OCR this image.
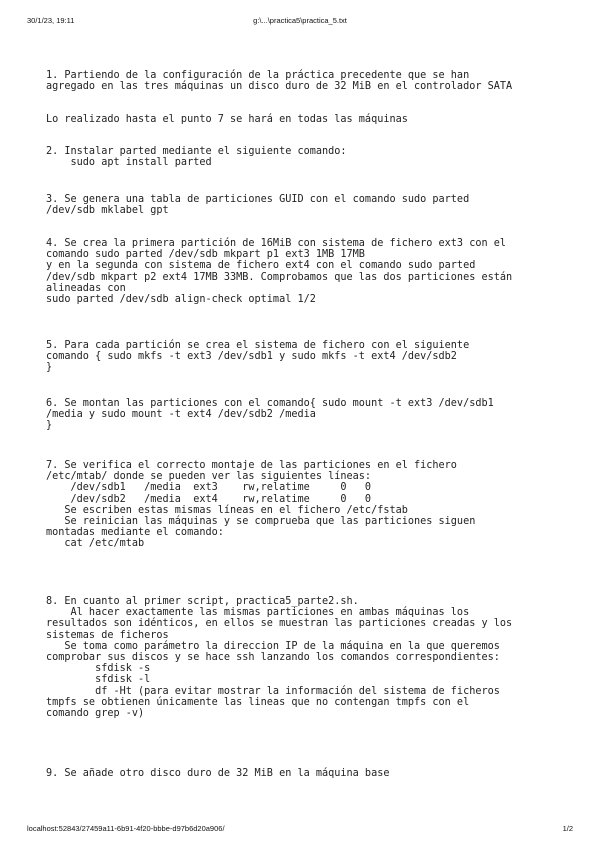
30/1/23, 19:11	g:\...\practica5\practica_5.txt

1. Partiendo de la configuración de la práctica precedente que se han
agregado en las tres máquinas un disco duro de 32 MiB en el controlador SATA

Lo realizado hasta el punto 7 se hará en todas las máquinas

2. Instalar parted mediante el siguiente comando:
sudo apt install parted

3. Se genera una tabla de particiones GUID con el comando sudo parted
/dev/sdb mklabel gpt

4. Se crea la primera partición de 16MiB con sistema de fichero ext3 con el
comando sudo parted /dev/sdb mkpart p1 ext3 1MB 17MB
y en la segunda con sistema de fichero ext4 con el comando sudo parted
/dev/sdb mkpart p2 ext4 17MB 33MB. Comprobamos que las dos particiones están
alineadas con
sudo parted /dev/sdb align-check optimal 1/2

5. Para cada partición se crea el sistema de fichero con el siguiente
comando { sudo mkfs -t ext3 /dev/sdb1 y sudo mkfs -t ext4 /dev/sdb2
}

6. Se montan las particiones con el comando{ sudo mount -t ext3 /dev/sdb1
/media y sudo mount -t ext4 /dev/sdb2 /media
}

7. Se verifica el correcto montaje de las particiones en el fichero
/etc/mtab/ donde se pueden ver las siguientes líneas:
/dev/sdb1   /media  ext3    rw,relatime     0   0
/dev/sdb2   /media  ext4    rw,relatime     0   0
Se escriben estas mismas líneas en el fichero /etc/fstab
Se reinician las máquinas y se comprueba que las particiones siguen
montadas mediante el comando:
cat /etc/mtab

8. En cuanto al primer script, practica5_parte2.sh.
Al hacer exactamente las mismas particiones en ambas máquinas los
resultados son idénticos, en ellos se muestran las particiones creadas y los
sistemas de ficheros
Se toma como parámetro la direccion IP de la máquina en la que queremos
comprobar sus discos y se hace ssh lanzando los comandos correspondientes:
sfdisk -s
sfdisk -l
df -Ht (para evitar mostrar la información del sistema de ficheros
tmpfs se obtienen únicamente las lineas que no contengan tmpfs con el
comando grep -v)

9. Se añade otro disco duro de 32 MiB en la máquina base

localhost:52843/27459a11-6b91-4f20-bbbe-d97b6d20a906/	1/2
